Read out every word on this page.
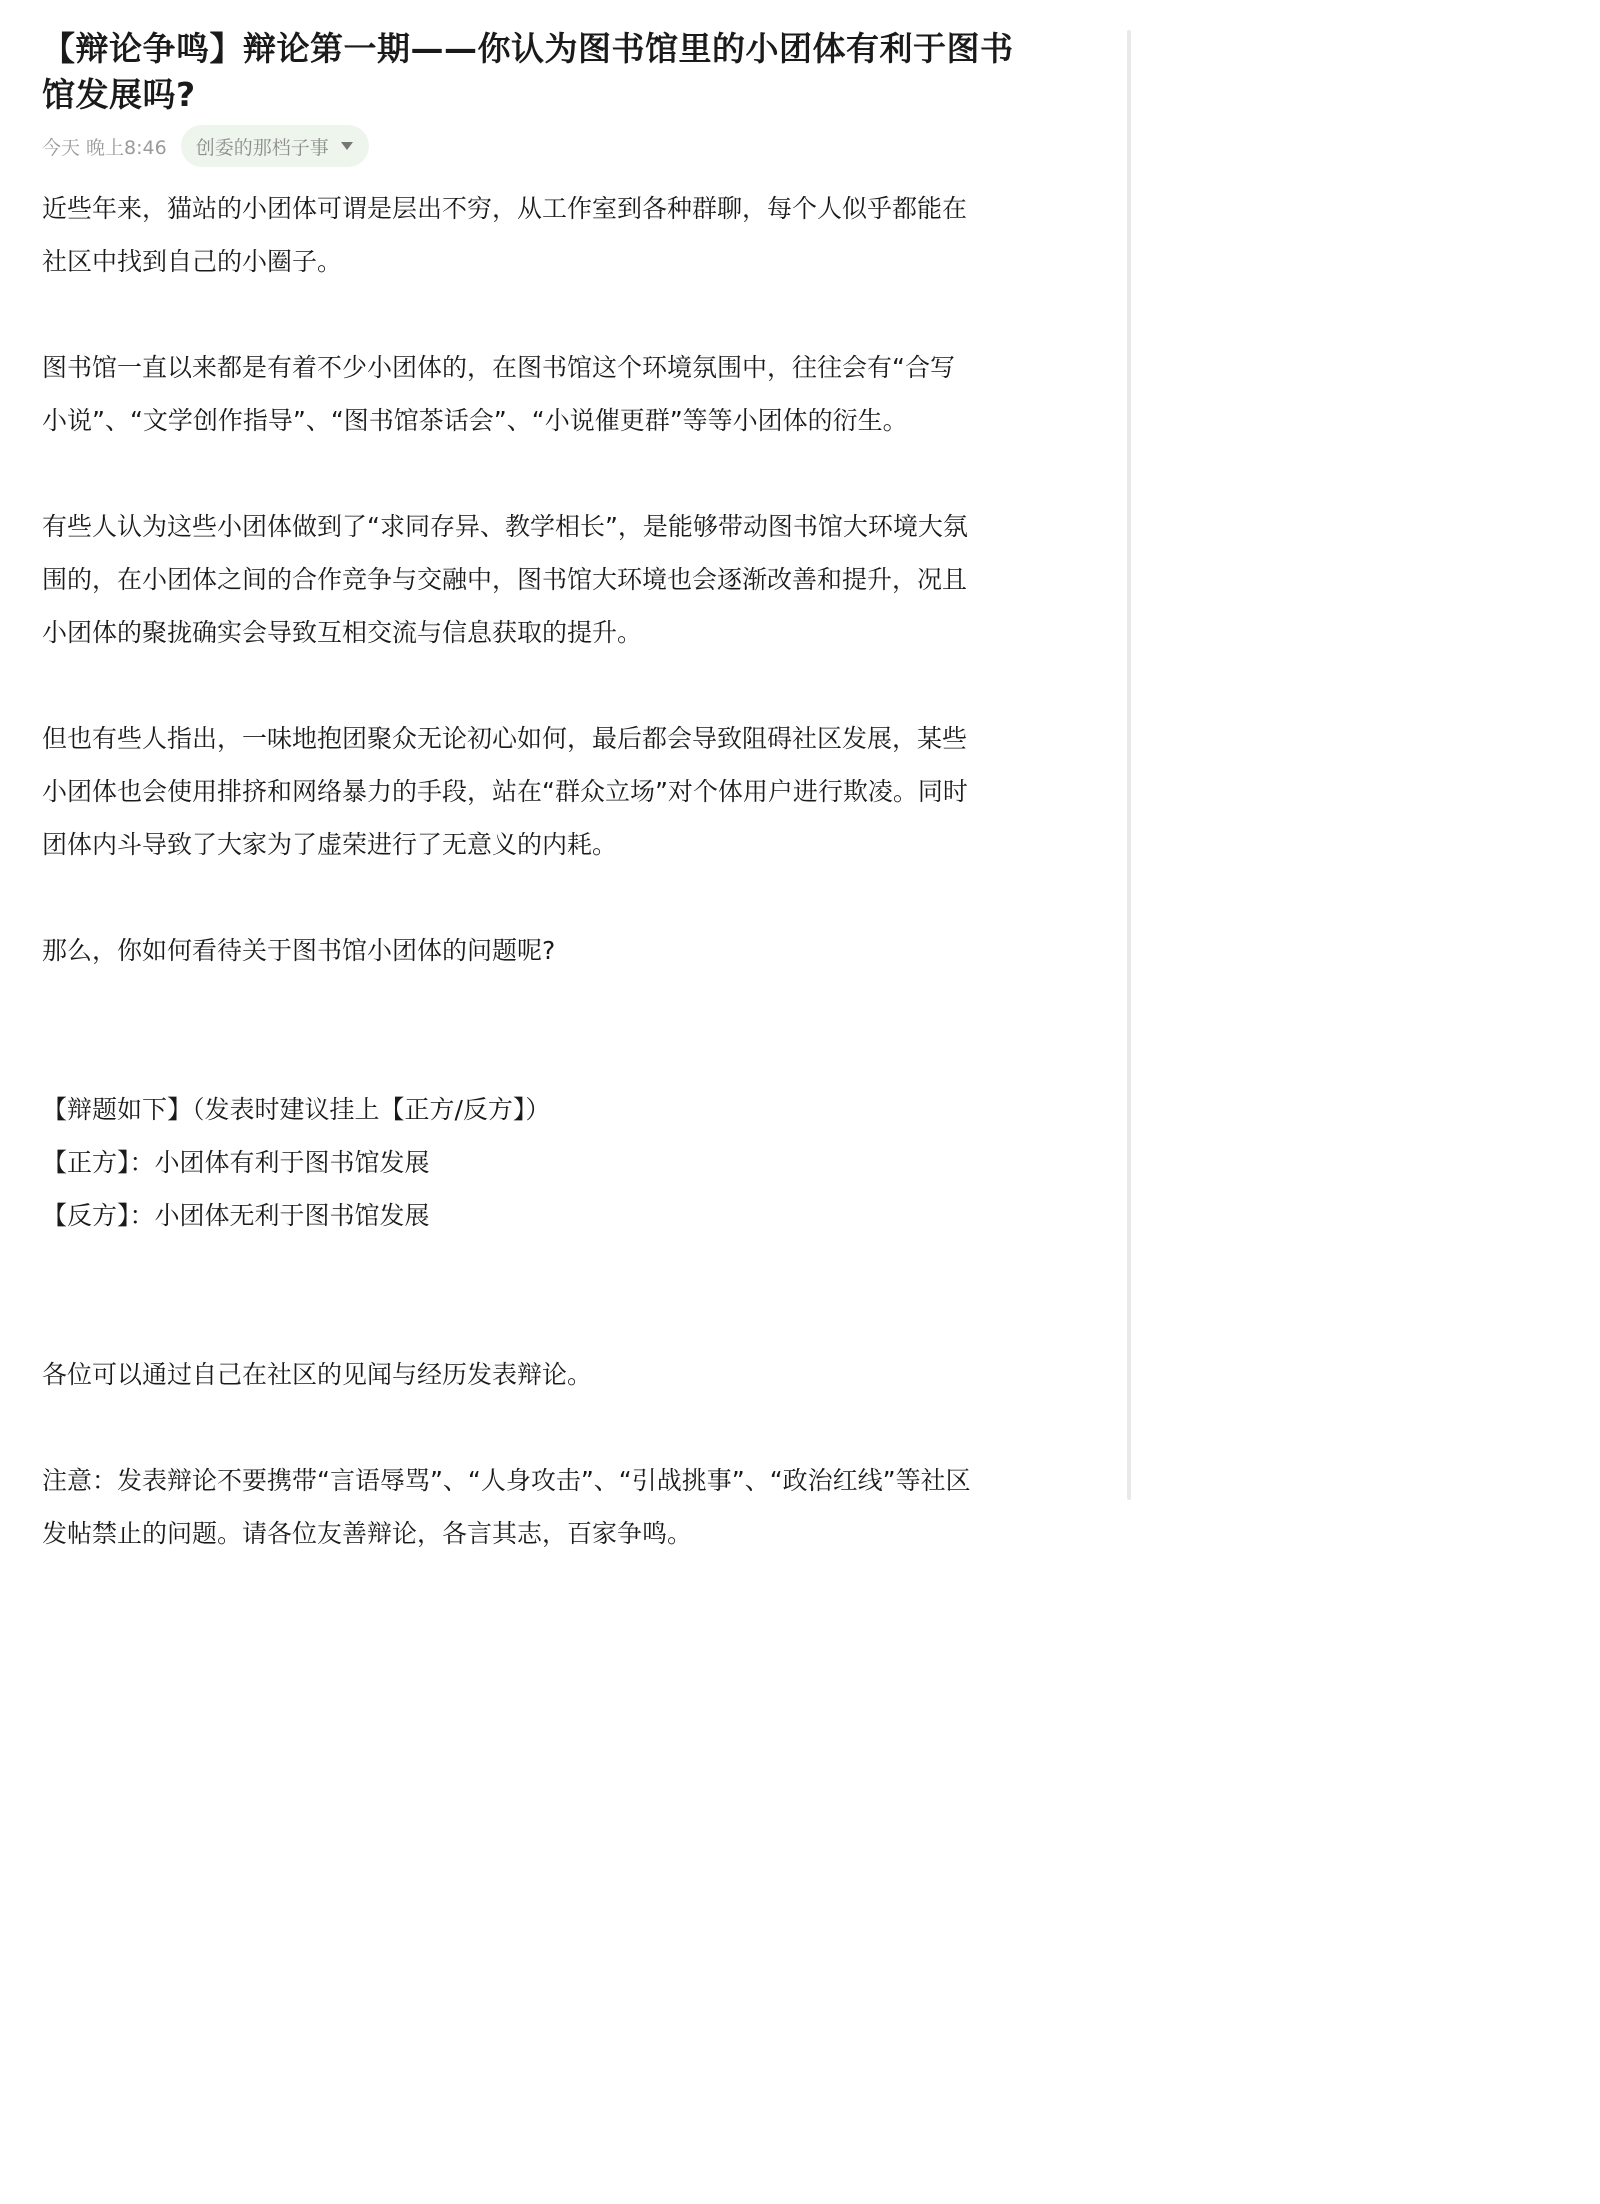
【辩论争鸣】辩论第一期——你认为图书馆里的小团体有利于图书
馆发展吗?
今天 晚上8:46 创委的那档子事

近些年来，猫站的小团体可谓是层出不穷，从工作室到各种群聊，每个人似乎都能在
社区中找到自己的小圈子。

图书馆一直以来都是有着不少小团体的，在图书馆这个环境氛围中，往往会有“合写
小说”、“文学创作指导”、“图书馆茶话会”、“小说催更群”等等小团体的衍生。

有些人认为这些小团体做到了“求同存异、教学相长”，是能够带动图书馆大环境大氛
围的，在小团体之间的合作竞争与交融中，图书馆大环境也会逐渐改善和提升，况且
小团体的聚拢确实会导致互相交流与信息获取的提升。

但也有些人指出，一味地抱团聚众无论初心如何，最后都会导致阻碍社区发展，某些
小团体也会使用排挤和网络暴力的手段，站在“群众立场”对个体用户进行欺凌。同时
团体内斗导致了大家为了虚荣进行了无意义的内耗。

那么，你如何看待关于图书馆小团体的问题呢?

【辩题如下】（发表时建议挂上【正方/反方】）

【正方】：小团体有利于图书馆发展

【反方】：小团体无利于图书馆发展

各位可以通过自己在社区的见闻与经历发表辩论。

注意：发表辩论不要携带“言语辱骂”、“人身攻击”、“引战挑事”、“政治红线”等社区
发帖禁止的问题。请各位友善辩论，各言其志，百家争鸣。
